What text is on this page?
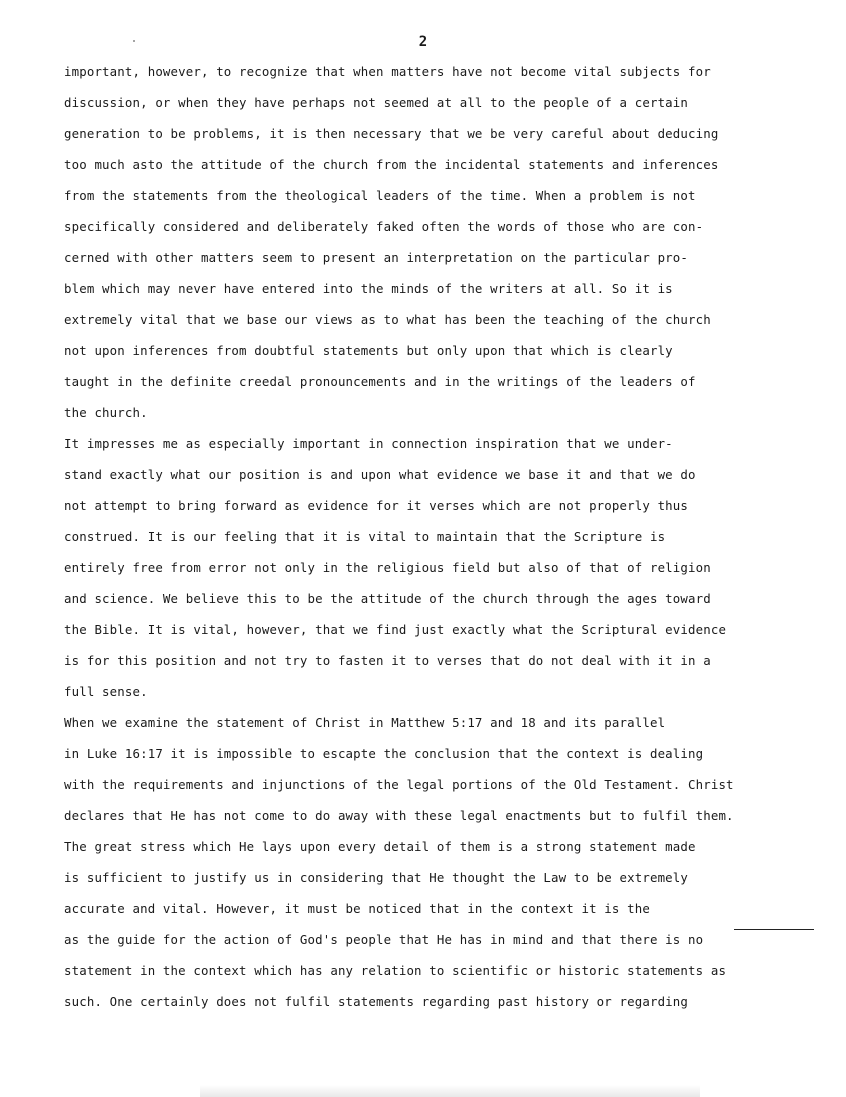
2
important, however, to recognize that when matters have not become vital subjects for
discussion, or when they have perhaps not seemed at all to the people of a certain
generation to be problems, it is then necessary that we be very careful about deducing
too much asto the attitude of the church from the incidental statements and inferences
from the statements from the theological leaders of the time. When a problem is not
specifically considered and deliberately faked often the words of those who are con-
cerned with other matters seem to present an interpretation on the particular pro-
blem which may never have entered into the minds of the writers at all. So it is
extremely vital that we base our views as to what has been the teaching of the church
not upon inferences from doubtful statements but only upon that which is clearly
taught in the definite creedal pronouncements and in the writings of the leaders of
the church.
It impresses me as especially important in connection inspiration that we under-
stand exactly what our position is and upon what evidence we base it and that we do
not attempt to bring forward as evidence for it verses which are not properly thus
construed. It is our feeling that it is vital to maintain that the Scripture is
entirely free from error not only in the religious field but also of that of religion
and science. We believe this to be the attitude of the church through the ages toward
the Bible. It is vital, however, that we find just exactly what the Scriptural evidence
is for this position and not try to fasten it to verses that do not deal with it in a
full sense.
When we examine the statement of Christ in Matthew 5:17 and 18 and its parallel
in Luke 16:17 it is impossible to escapte the conclusion that the context is dealing
with the requirements and injunctions of the legal portions of the Old Testament. Christ
declares that He has not come to do away with these legal enactments but to fulfil them.
The great stress which He lays upon every detail of them is a strong statement made
is sufficient to justify us in considering that He thought the Law to be extremely
accurate and vital. However, it must be noticed that in the context it is the
as the guide for the action of God's people that He has in mind and that there is no
statement in the context which has any relation to scientific or historic statements as
such. One certainly does not fulfil statements regarding past history or regarding
